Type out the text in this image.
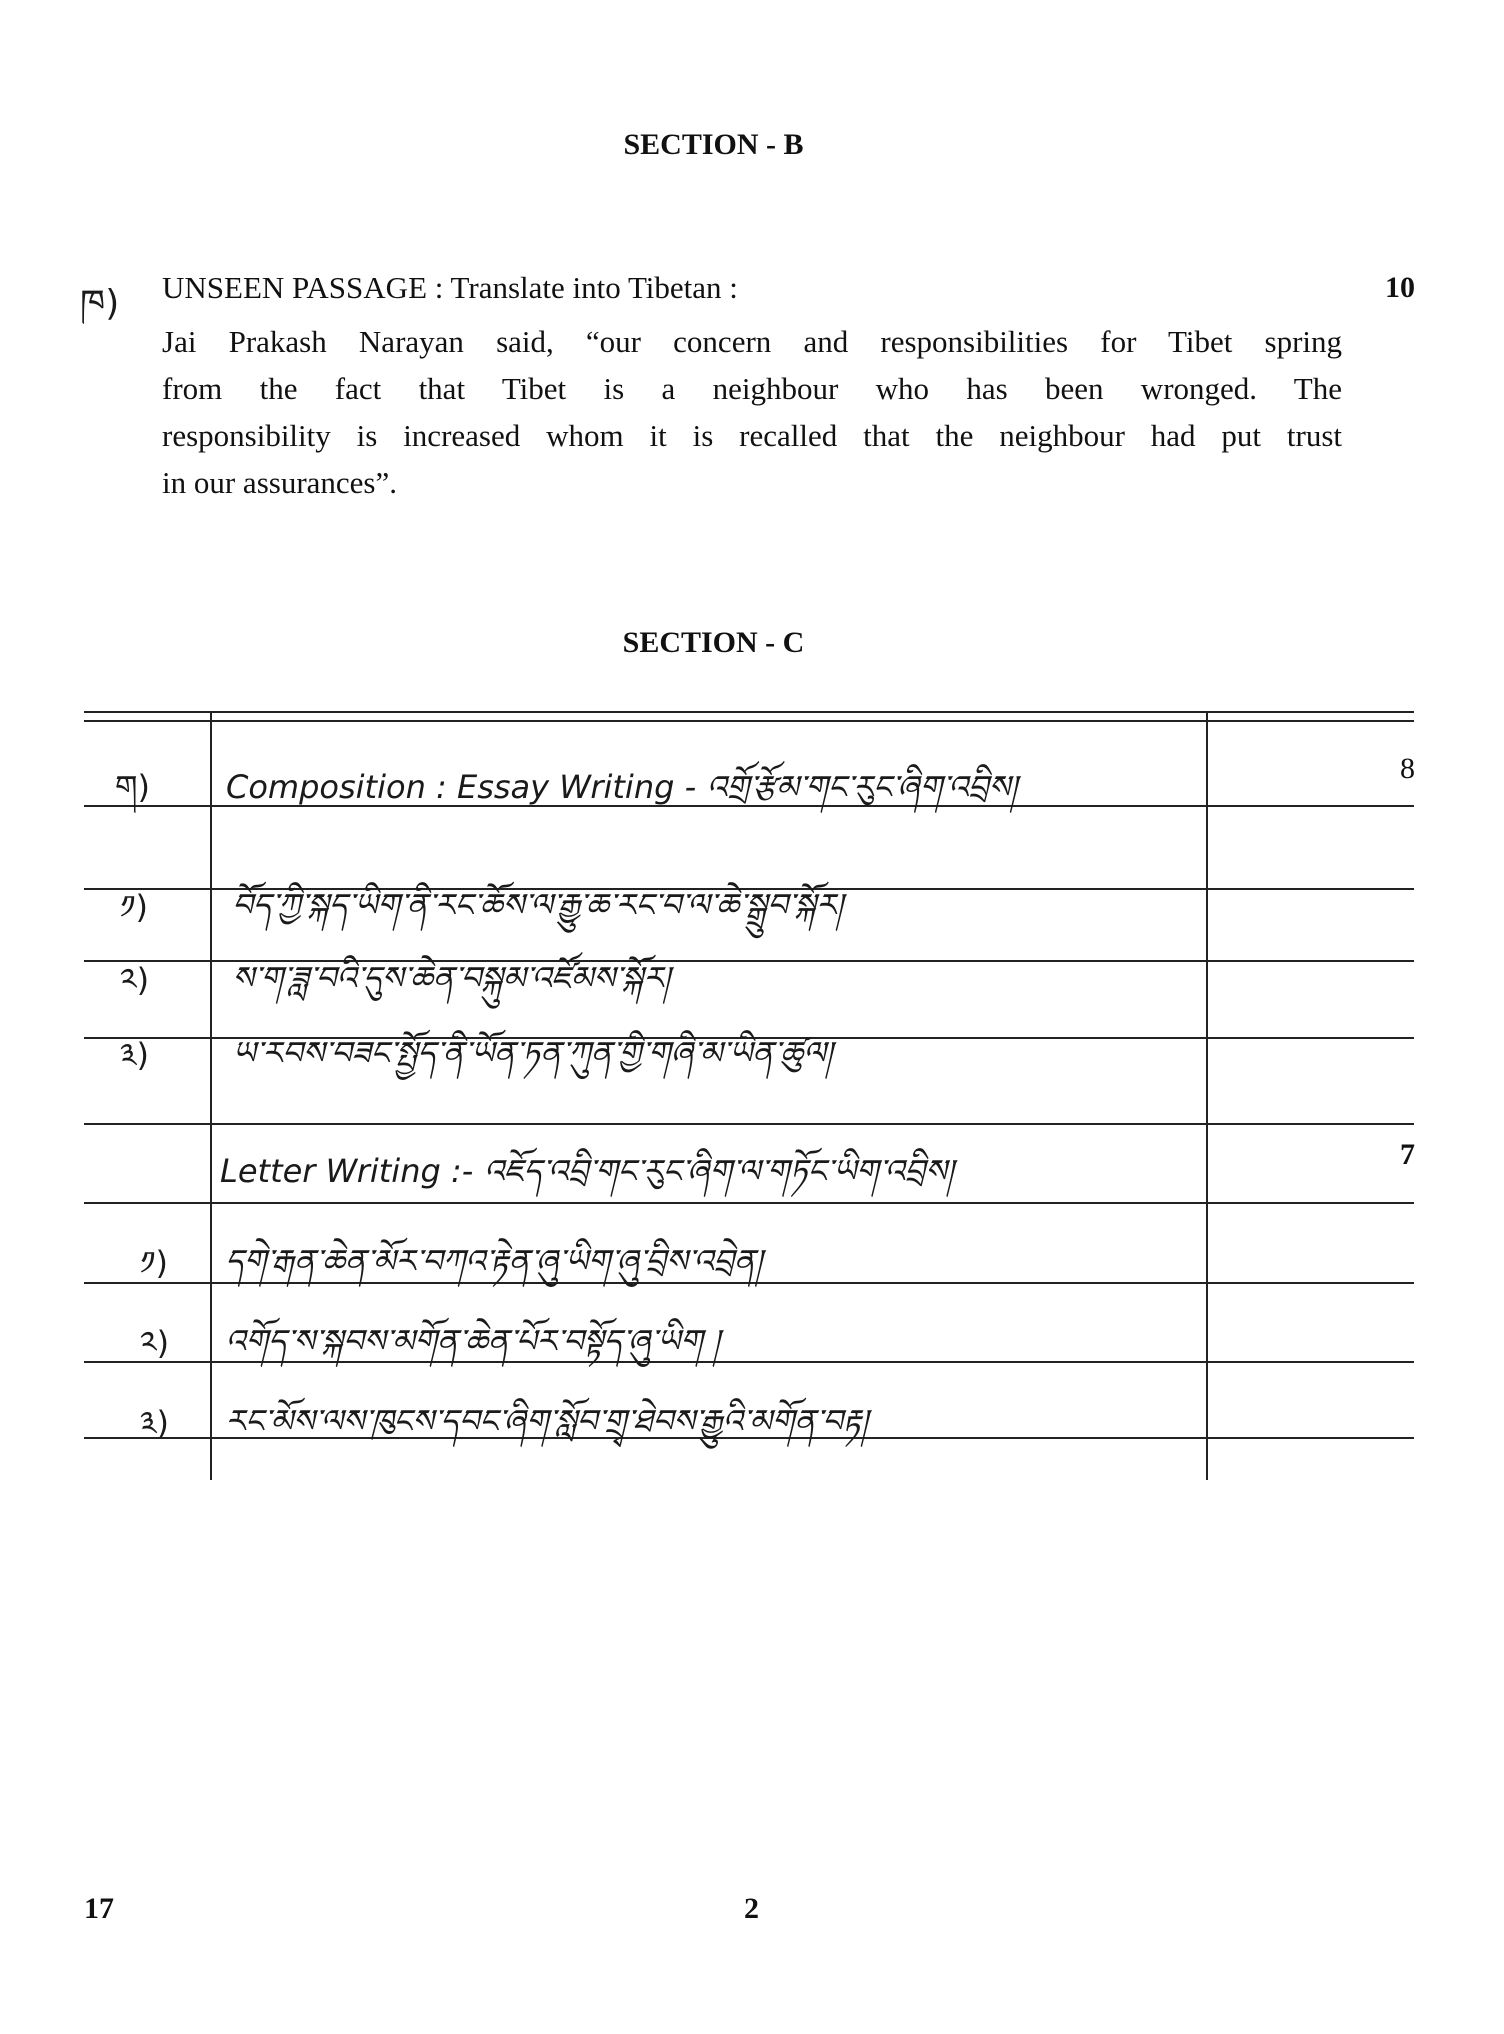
SECTION - B
ཁ) UNSEEN PASSAGE : Translate into Tibetan :	10
Jai Prakash Narayan said, “our concern and responsibilities for Tibet spring
from the fact that Tibet is a neighbour who has been wronged. The
responsibility is increased whom it is recalled that the neighbour had put trust
in our assurances”.
SECTION - C
ག) Composition : Essay Writing - འགྲོ་རྩོམ་གང་རུང་ཞིག་འབྲིས།	8
༡)	བོད་ཀྱི་སྐད་ཡིག་ནི་རང་ཆོས་ལ་རྒྱུ་ཆ་རང་བ་ལ་ཆེ་སྒྲུབ་སྐོར།
༢)	ས་ག་ཟླ་བའི་དུས་ཆེན་བསྐུམ་འཛོམས་སྐོར།
༣)	ཡ་རབས་བཟང་སྤྱོད་ནི་ཡོན་ཏན་ཀུན་གྱི་གཞི་མ་ཡིན་ཚུལ།
Letter Writing :- འཇོད་འབྲི་གང་རུང་ཞིག་ལ་གཏོང་ཡིག་འབྲིས།	7
༡) དགེ་རྒན་ཆེན་མོར་བཀའ་རྟེན་ཞུ་ཡིག་ཞུ་བྲིས་འབྲེན།
༢) འགོད་ས་སྐབས་མགོན་ཆེན་པོར་བསྟོད་ཞུ་ཡིག །
༣) རང་མོས་ལས་ཁུངས་དབང་ཞིག་སློབ་གྲྭ་ཐེབས་རྒྱུའི་མགོན་བརྟ།
17	2
